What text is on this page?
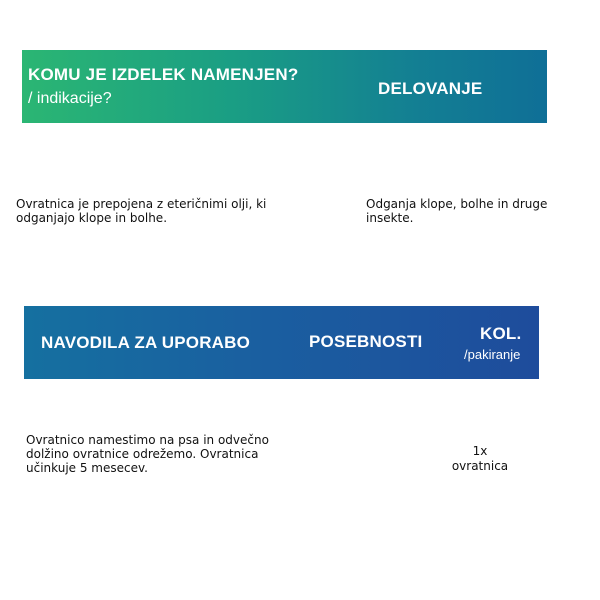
KOMU JE IZDELEK NAMENJEN?
/ indikacije?
DELOVANJE
Ovratnica je prepojena z eteričnimi olji, ki odganjajo klope in bolhe.
Odganja klope, bolhe in druge insekte.
NAVODILA ZA UPORABO	POSEBNOSTI	KOL.
/pakiranje
Ovratnico namestimo na psa in odvečno dolžino ovratnice odrežemo. Ovratnica učinkuje 5 mesecev.
1x
ovratnica
